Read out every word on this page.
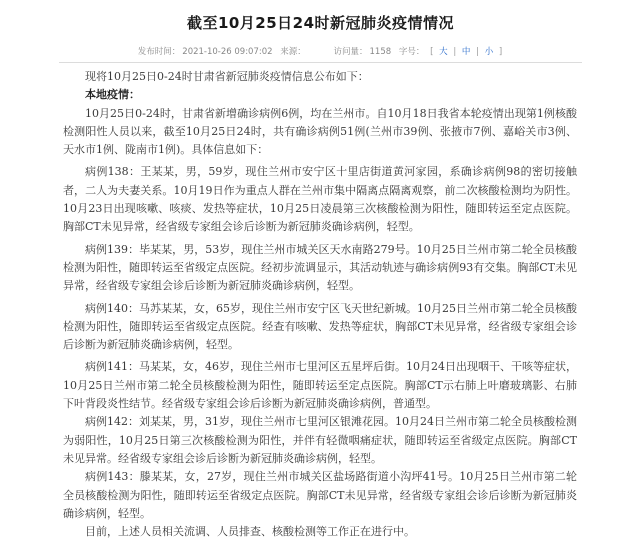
截至10月25日24时新冠肺炎疫情情况
发布时间： 2021-10-26 09:07:02 来源：	访问量： 1158 字号： [ 大 | 中 | 小 ]

现将10月25日0-24时甘肃省新冠肺炎疫情信息公布如下：

本地疫情：

10月25日0-24时，甘肃省新增确诊病例6例，均在兰州市。自10月18日我省本轮疫情出现第1例核酸检测阳性人员以来，截至10月25日24时，共有确诊病例51例(兰州市39例、张掖市7例、嘉峪关市3例、天水市1例、陇南市1例)。具体信息如下：

病例138：王某某，男，59岁，现住兰州市安宁区十里店街道黄河家园，系确诊病例98的密切接触者，二人为夫妻关系。10月19日作为重点人群在兰州市集中隔离点隔离观察，前二次核酸检测均为阴性。10月23日出现咳嗽、咳痰、发热等症状，10月25日凌晨第三次核酸检测为阳性，随即转运至定点医院。胸部CT未见异常，经省级专家组会诊后诊断为新冠肺炎确诊病例，轻型。

病例139：毕某某，男，53岁，现住兰州市城关区天水南路279号。10月25日兰州市第二轮全员核酸检测为阳性，随即转运至省级定点医院。经初步流调显示，其活动轨迹与确诊病例93有交集。胸部CT未见异常，经省级专家组会诊后诊断为新冠肺炎确诊病例，轻型。

病例140：马苏某某，女，65岁，现住兰州市安宁区飞天世纪新城。10月25日兰州市第二轮全员核酸检测为阳性，随即转运至省级定点医院。经查有咳嗽、发热等症状，胸部CT未见异常，经省级专家组会诊后诊断为新冠肺炎确诊病例，轻型。

病例141：马某某，女，46岁，现住兰州市七里河区五星坪后街。10月24日出现咽干、干咳等症状，10月25日兰州市第二轮全员核酸检测为阳性，随即转运至定点医院。胸部CT示右肺上叶磨玻璃影、右肺下叶背段炎性结节。经省级专家组会诊后诊断为新冠肺炎确诊病例，普通型。

病例142：刘某某，男，31岁，现住兰州市七里河区银滩花园。10月24日兰州市第二轮全员核酸检测为弱阳性，10月25日第三次核酸检测为阳性，并伴有轻微咽痛症状，随即转运至省级定点医院。胸部CT未见异常。经省级专家组会诊后诊断为新冠肺炎确诊病例，轻型。

病例143：滕某某，女，27岁，现住兰州市城关区盐场路街道小沟坪41号。10月25日兰州市第二轮全员核酸检测为阳性，随即转运至省级定点医院。胸部CT未见异常，经省级专家组会诊后诊断为新冠肺炎确诊病例，轻型。

目前，上述人员相关流调、人员排查、核酸检测等工作正在进行中。
